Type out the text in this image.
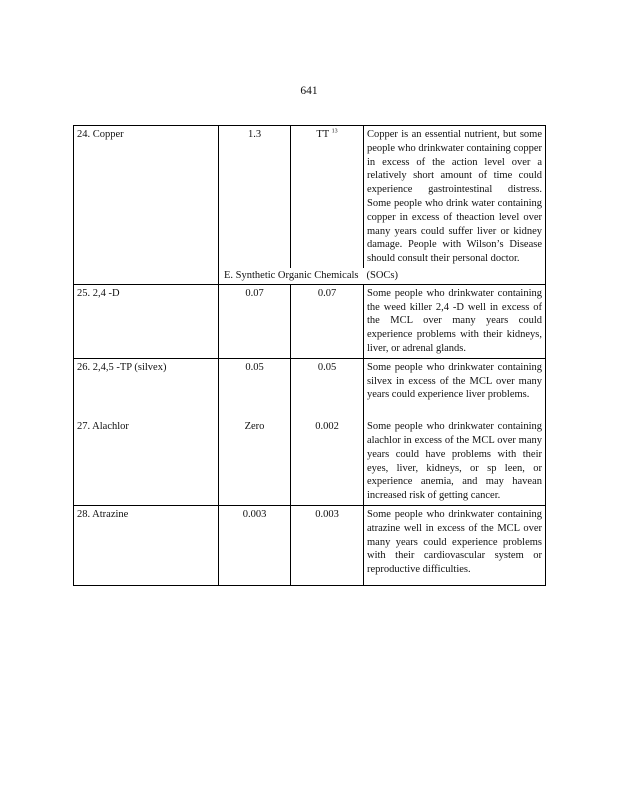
641
24. Copper	1.3	TT $^{13}$	Copper is an essential nutrient, but some people who drinkwater containing copper in excess of the action level over a relatively short amount of time could experience gastrointestinal distress. Some people who drink water containing copper in excess of theaction level over many years could suffer liver or kidney damage. People with Wilson’s Disease should consult their personal doctor.
	E. Synthetic Organic Chemicals		(SOCs)
25. 2,4 -D	0.07	0.07	Some people who drinkwater containing the weed killer 2,4 -D well in excess of the MCL over many years could experience problems with their kidneys, liver, or adrenal glands.
26. 2,4,5 -TP (silvex)	0.05	0.05	Some people who drinkwater containing silvex in excess of the MCL over many years could experience liver problems.

27. Alachlor	Zero	0.002	Some people who drinkwater containing alachlor in excess of the MCL over many years could have problems with their eyes, liver, kidneys, or sp leen, or experience anemia, and may havean increased risk of getting cancer.
28. Atrazine	0.003	0.003	Some people who drinkwater containing atrazine well in excess of the MCL over many years could experience problems with their cardiovascular system or reproductive difficulties.
